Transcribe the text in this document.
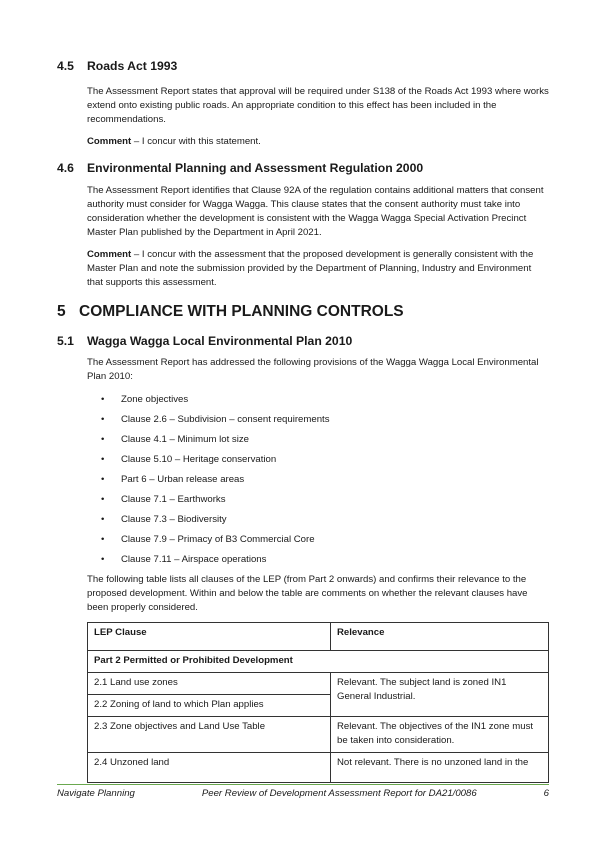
4.5	Roads Act 1993

The Assessment Report states that approval will be required under S138 of the Roads Act 1993 where works extend onto existing public roads. An appropriate condition to this effect has been included in the recommendations.

Comment – I concur with this statement.

4.6	Environmental Planning and Assessment Regulation 2000

The Assessment Report identifies that Clause 92A of the regulation contains additional matters that consent authority must consider for Wagga Wagga. This clause states that the consent authority must take into consideration whether the development is consistent with the Wagga Wagga Special Activation Precinct Master Plan published by the Department in April 2021.

Comment – I concur with the assessment that the proposed development is generally consistent with the Master Plan and note the submission provided by the Department of Planning, Industry and Environment that supports this assessment.

5 COMPLIANCE WITH PLANNING CONTROLS
5.1	Wagga Wagga Local Environmental Plan 2010

The Assessment Report has addressed the following provisions of the Wagga Wagga Local Environmental Plan 2010:

• Zone objectives
• Clause 2.6 – Subdivision – consent requirements
• Clause 4.1 – Minimum lot size
• Clause 5.10 – Heritage conservation
• Part 6 – Urban release areas
• Clause 7.1 – Earthworks
• Clause 7.3 – Biodiversity
• Clause 7.9 – Primacy of B3 Commercial Core
• Clause 7.11 – Airspace operations

The following table lists all clauses of the LEP (from Part 2 onwards) and confirms their relevance to the proposed development. Within and below the table are comments on whether the relevant clauses have been properly considered.

LEP Clause	Relevance
Part 2 Permitted or Prohibited Development	
2.1 Land use zones	Relevant. The subject land is zoned IN1 General Industrial.
2.2 Zoning of land to which Plan applies	
2.3 Zone objectives and Land Use Table	Relevant. The objectives of the IN1 zone must be taken into consideration.
2.4 Unzoned land	Not relevant. There is no unzoned land in the
Navigate Planning	Peer Review of Development Assessment Report for DA21/0086	6
